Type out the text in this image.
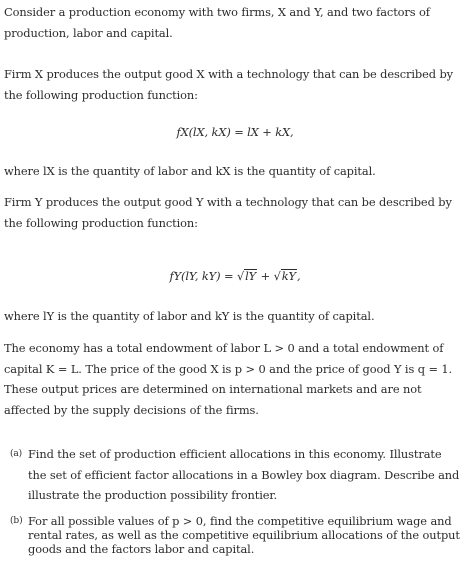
Consider a production economy with two firms, X and Y, and two factors of production, labor and capital.

Firm X produces the output good X with a technology that can be described by the following production function:

fX(lX, kX) = lX + kX,

where lX is the quantity of labor and kX is the quantity of capital.

Firm Y produces the output good Y with a technology that can be described by the following production function:

fY(lY, kY) = √lY + √kY,

where lY is the quantity of labor and kY is the quantity of capital.

The economy has a total endowment of labor L > 0 and a total endowment of capital K = L. The price of the good X is p > 0 and the price of good Y is q = 1. These output prices are determined on international markets and are not affected by the supply decisions of the firms.

(a) Find the set of production efficient allocations in this economy. Illustrate the set of efficient factor allocations in a Bowley box diagram. Describe and illustrate the production possibility frontier.
(b) For all possible values of p > 0, find the competitive equilibrium wage and rental rates, as well as the competitive equilibrium allocations of the output goods and the factors labor and capital.
